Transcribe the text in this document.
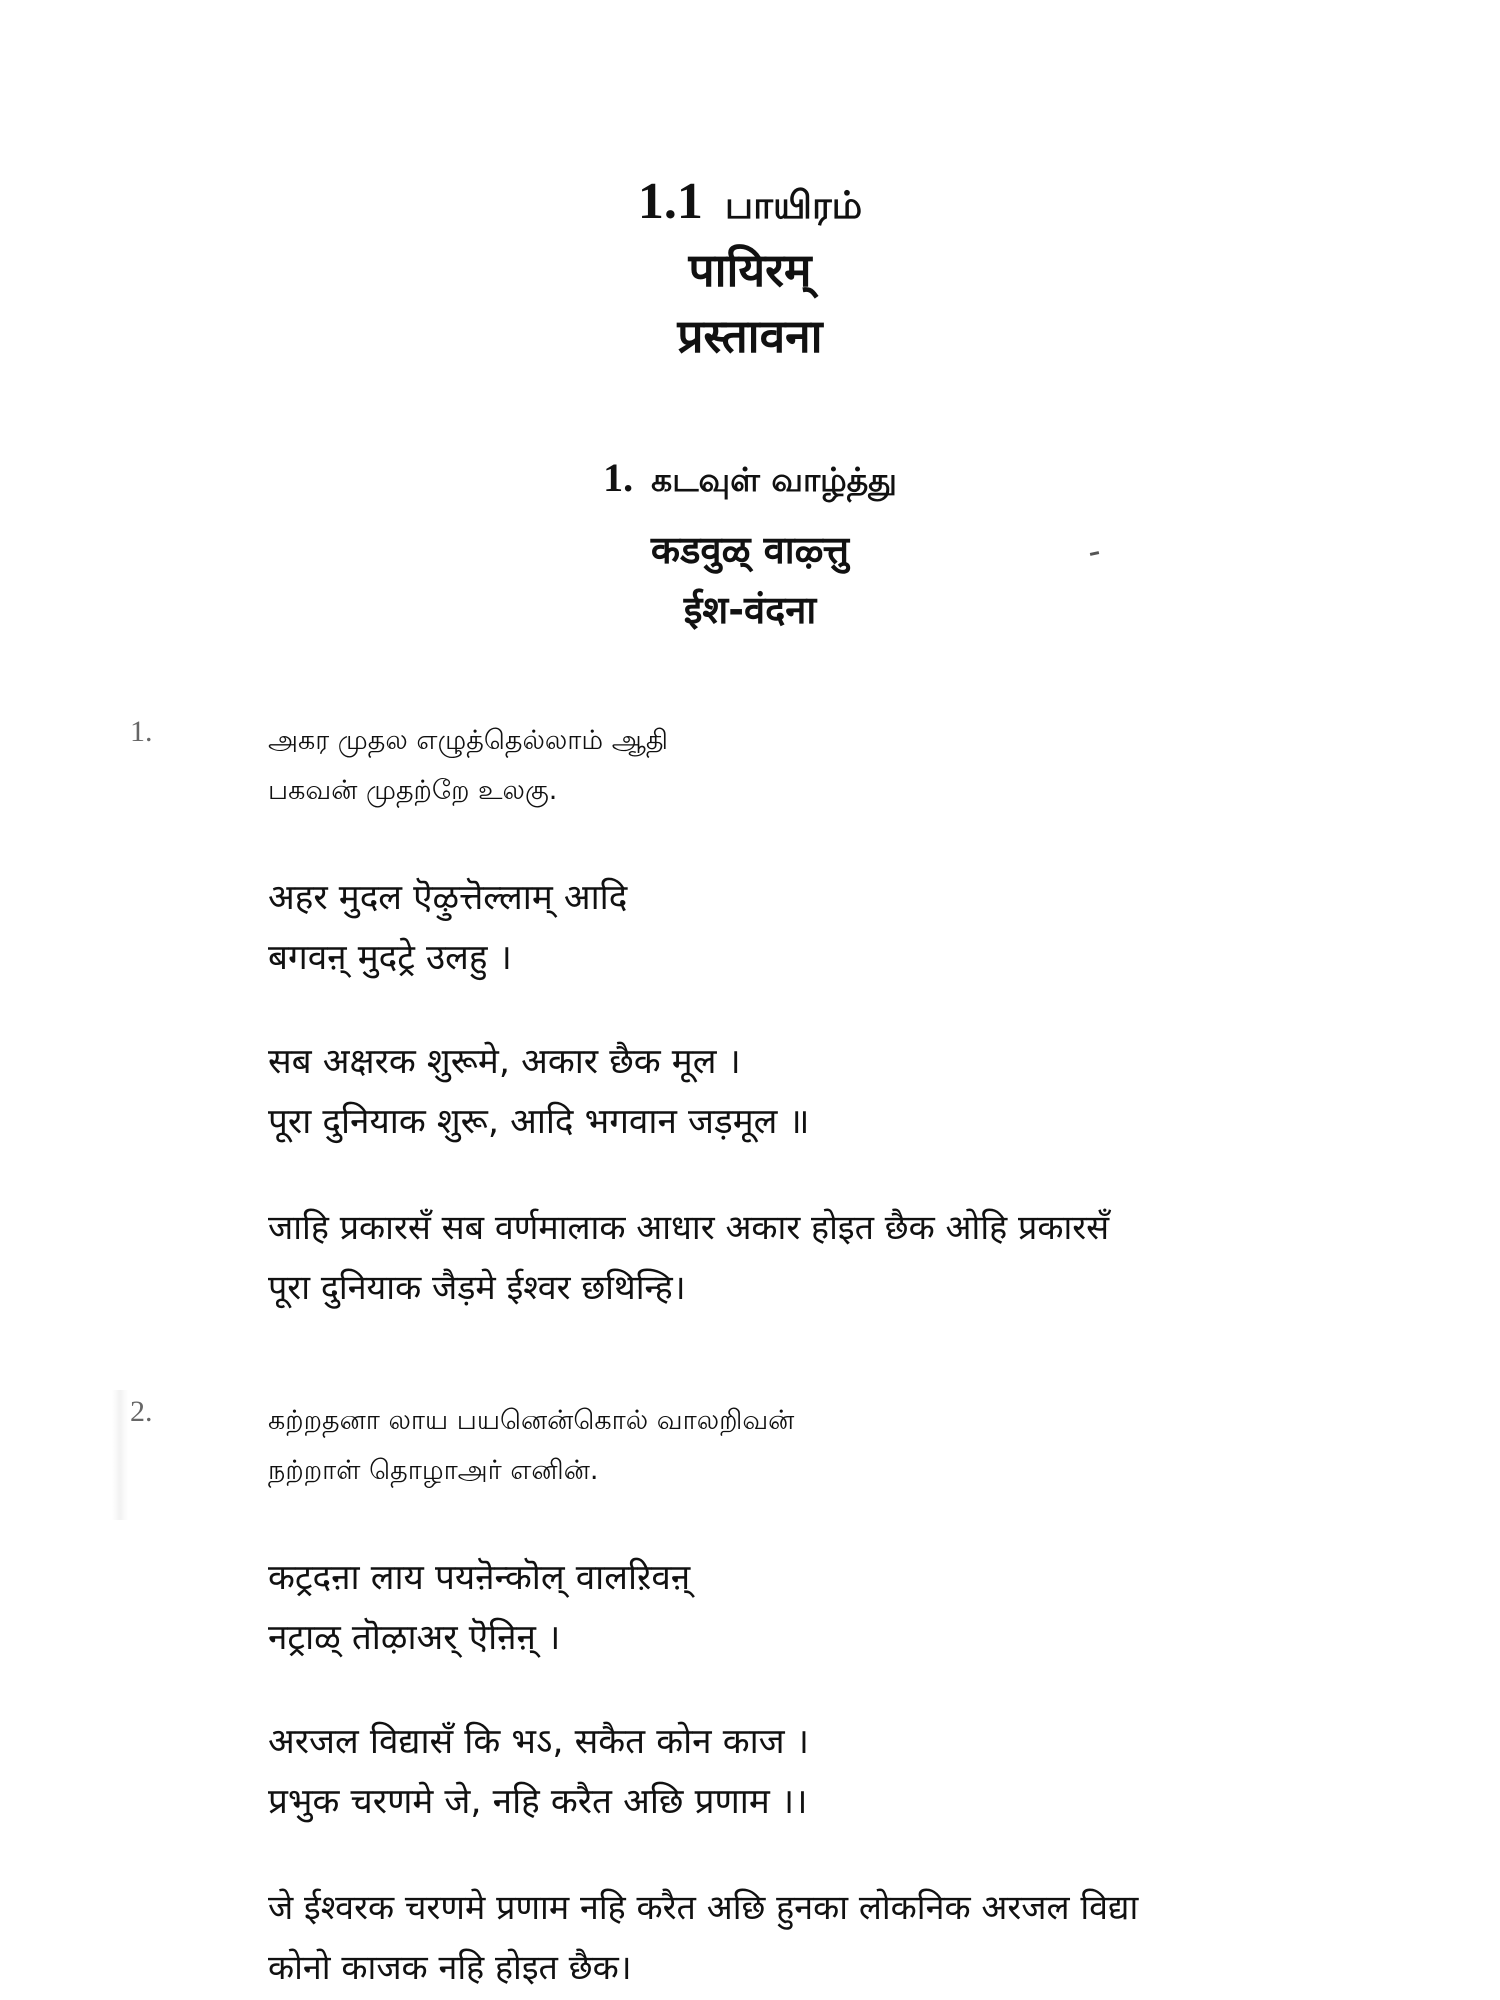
1.1 பாயிரம்
पायिरम्
प्रस्तावना
1. கடவுள் வாழ்த்து
कडवुळ् वाऴ्त्तु
ईश-वंदना
1.	அகர முதல எழுத்தெல்லாம் ஆதி
பகவன் முதற்றே உலகு.
अहर मुदल ऎऴुत्तॆल्लाम् आदि
बगवऩ् मुदट्रे उलहु ।
सब अक्षरक शुरूमे, अकार छैक मूल ।
पूरा दुनियाक शुरू, आदि भगवान जड़मूल ॥
जाहि प्रकारसँ सब वर्णमालाक आधार अकार होइत छैक ओहि प्रकारसँ
पूरा दुनियाक जैड़मे ईश्वर छथिन्हि।
2.	கற்றதனா லாய பயனென்கொல் வாலறிவன்
நற்றாள் தொழாஅர் எனின்.
कट्रदऩा लाय पयऩॆन्कॊल् वालऱिवऩ्
नट्राळ् तॊऴाअर् ऎऩिऩ् ।
अरजल विद्यासँ कि भऽ, सकैत कोन काज ।
प्रभुक चरणमे जे, नहि करैत अछि प्रणाम ।।
जे ईश्वरक चरणमे प्रणाम नहि करैत अछि हुनका लोकनिक अरजल विद्या
कोनो काजक नहि होइत छैक।
